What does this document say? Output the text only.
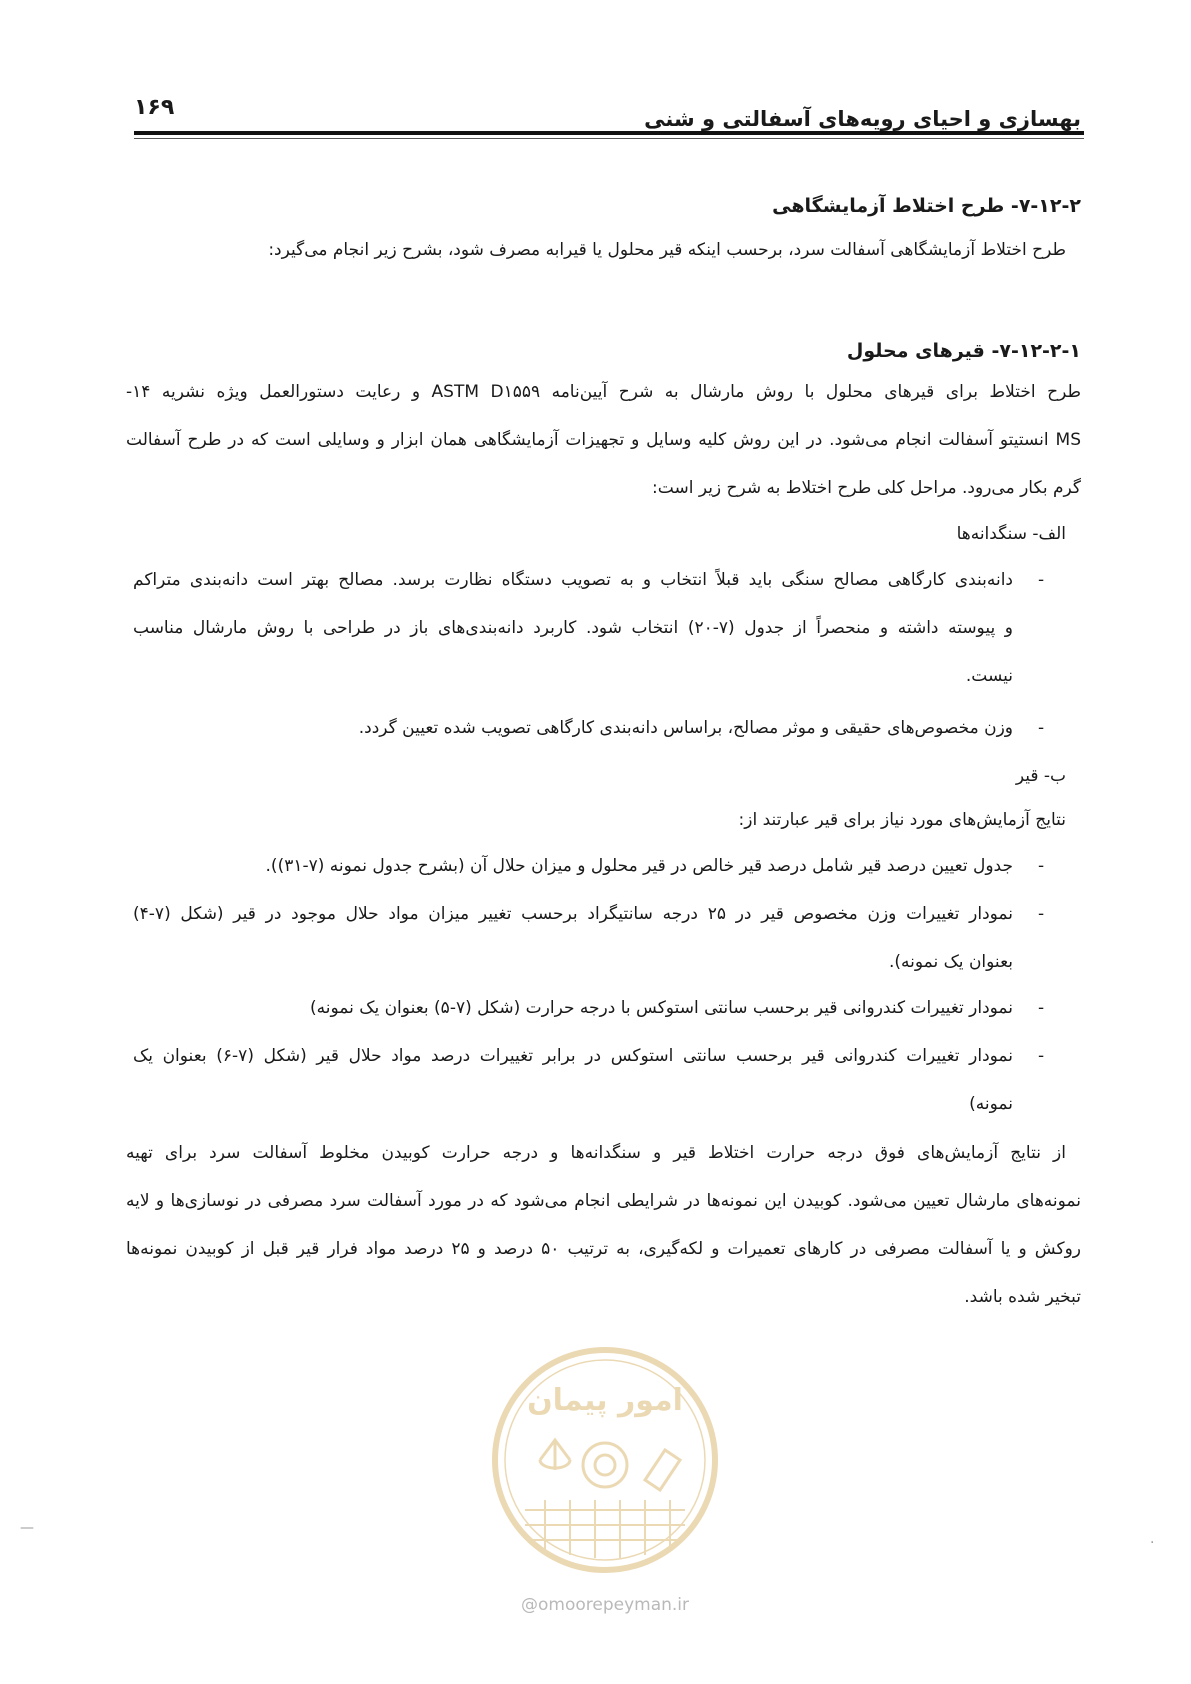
بهسازی و احیای رویه‌های آسفالتی و شنی
۱۶۹
۷-۱۲-۲- طرح اختلاط آزمایشگاهی
طرح اختلاط آزمایشگاهی آسفالت سرد، برحسب اینکه قیر محلول یا قیرابه مصرف شود، بشرح زیر انجام می‌گیرد:
۷-۱۲-۲-۱- قیرهای محلول
طرح اختلاط برای قیرهای محلول با روش مارشال به شرح آیین‌نامه ASTM D۱۵۵۹ و رعایت دستورالعمل ویژه نشریه ۱۴-
MS انستیتو آسفالت انجام می‌شود. در این روش کلیه وسایل و تجهیزات آزمایشگاهی همان ابزار و وسایلی است که در طرح آسفالت
گرم بکار می‌رود. مراحل کلی طرح اختلاط به شرح زیر است:
الف- سنگدانه‌ها
-
دانه‌بندی کارگاهی مصالح سنگی باید قبلاً انتخاب و به تصویب دستگاه نظارت برسد. مصالح بهتر است دانه‌بندی متراکم
و پیوسته داشته و منحصراً از جدول (۷-۲۰) انتخاب شود. کاربرد دانه‌بندی‌های باز در طراحی با روش مارشال مناسب
نیست.
-
وزن مخصوص‌های حقیقی و موثر مصالح، براساس دانه‌بندی کارگاهی تصویب شده تعیین گردد.
ب- قیر
نتایج آزمایش‌های مورد نیاز برای قیر عبارتند از:
-
جدول تعیین درصد قیر شامل درصد قیر خالص در قیر محلول و میزان حلال آن (بشرح جدول نمونه (۷-۳۱)).
-
نمودار تغییرات وزن مخصوص قیر در ۲۵ درجه سانتیگراد برحسب تغییر میزان مواد حلال موجود در قیر (شکل (۷-۴)
بعنوان یک نمونه).
-
نمودار تغییرات کندروانی قیر برحسب سانتی استوکس با درجه حرارت (شکل (۷-۵) بعنوان یک نمونه)
-
نمودار تغییرات کندروانی قیر برحسب سانتی استوکس در برابر تغییرات درصد مواد حلال قیر (شکل (۷-۶) بعنوان یک
نمونه)
از نتایج آزمایش‌های فوق درجه حرارت اختلاط قیر و سنگدانه‌ها و درجه حرارت کوبیدن مخلوط آسفالت سرد برای تهیه
نمونه‌های مارشال تعیین می‌شود. کوبیدن این نمونه‌ها در شرایطی انجام می‌شود که در مورد آسفالت سرد مصرفی در نوسازی‌ها و لایه
روکش و یا آسفالت مصرفی در کارهای تعمیرات و لکه‌گیری، به ترتیب ۵۰ درصد و ۲۵ درصد مواد فرار قیر قبل از کوبیدن نمونه‌ها
تبخیر شده باشد.
امور پیمان
@omoorepeyman.ir
—
·
